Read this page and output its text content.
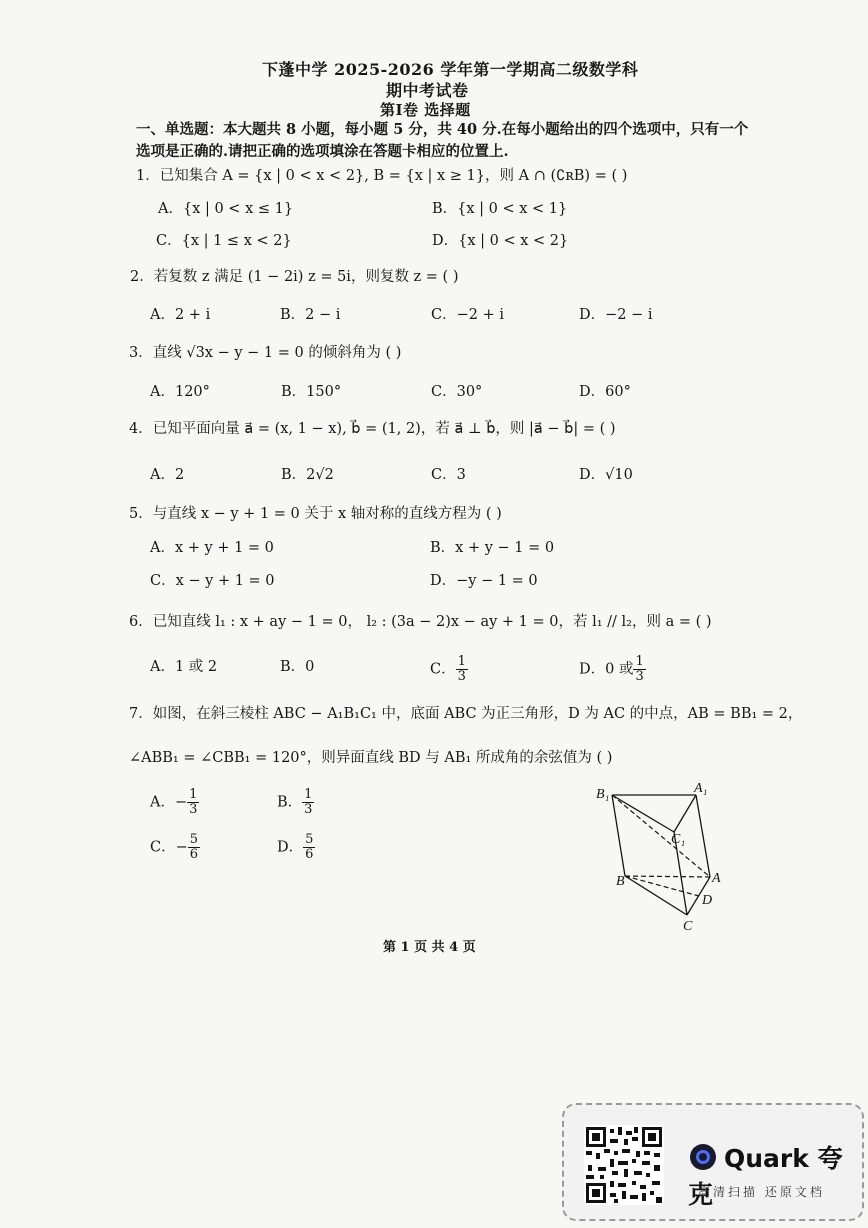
下蓬中学 2025-2026 学年第一学期高二级数学科
期中考试卷
第Ⅰ卷 选择题
一、单选题：本大题共 8 小题，每小题 5 分，共 40 分.在每小题给出的四个选项中，只有一个
选项是正确的.请把正确的选项填涂在答题卡相应的位置上.
1．已知集合 A = {x | 0 < x < 2}, B = {x | x ≥ 1}，则 A ∩ (∁ʀB) = ( )
A．{x | 0 < x ≤ 1}	B．{x | 0 < x < 1}
C．{x | 1 ≤ x < 2}	D．{x | 0 < x < 2}
2．若复数 z 满足 (1 − 2i) z = 5i，则复数 z = ( )
A．2 + i	B．2 − i	C．−2 + i	D．−2 − i
3．直线 √3x − y − 1 = 0 的倾斜角为 ( )
A．120°	B．150°	C．30°	D．60°
4．已知平面向量 a⃗ = (x, 1 − x), b⃗ = (1, 2)，若 a⃗ ⊥ b⃗，则 |a⃗ − b⃗| = ( )
A．2	B．2√2	C．3	D．√10
5．与直线 x − y + 1 = 0 关于 x 轴对称的直线方程为 ( )
A．x + y + 1 = 0	B．x + y − 1 = 0
C．x − y + 1 = 0	D．−y − 1 = 0
6．已知直线 l₁ : x + ay − 1 = 0， l₂ : (3a − 2)x − ay + 1 = 0，若 l₁ // l₂，则 a = ( )
A．1 或 2	B．0	C． $\frac{1}{3}$	D．0 或 $\frac{1}{3}$
7．如图，在斜三棱柱 ABC − A₁B₁C₁ 中，底面 ABC 为正三角形，D 为 AC 的中点，AB = BB₁ = 2，
∠ABB₁ = ∠CBB₁ = 120°，则异面直线 BD 与 AB₁ 所成角的余弦值为 ( )
A．− $\frac{1}{3}$	B． $\frac{1}{3}$
C．− $\frac{5}{6}$	D． $\frac{5}{6}$
B₁	A₁
C₁
B	A
D
C
第 1 页 共 4 页
Quark 夸克
高清扫描 还原文档
